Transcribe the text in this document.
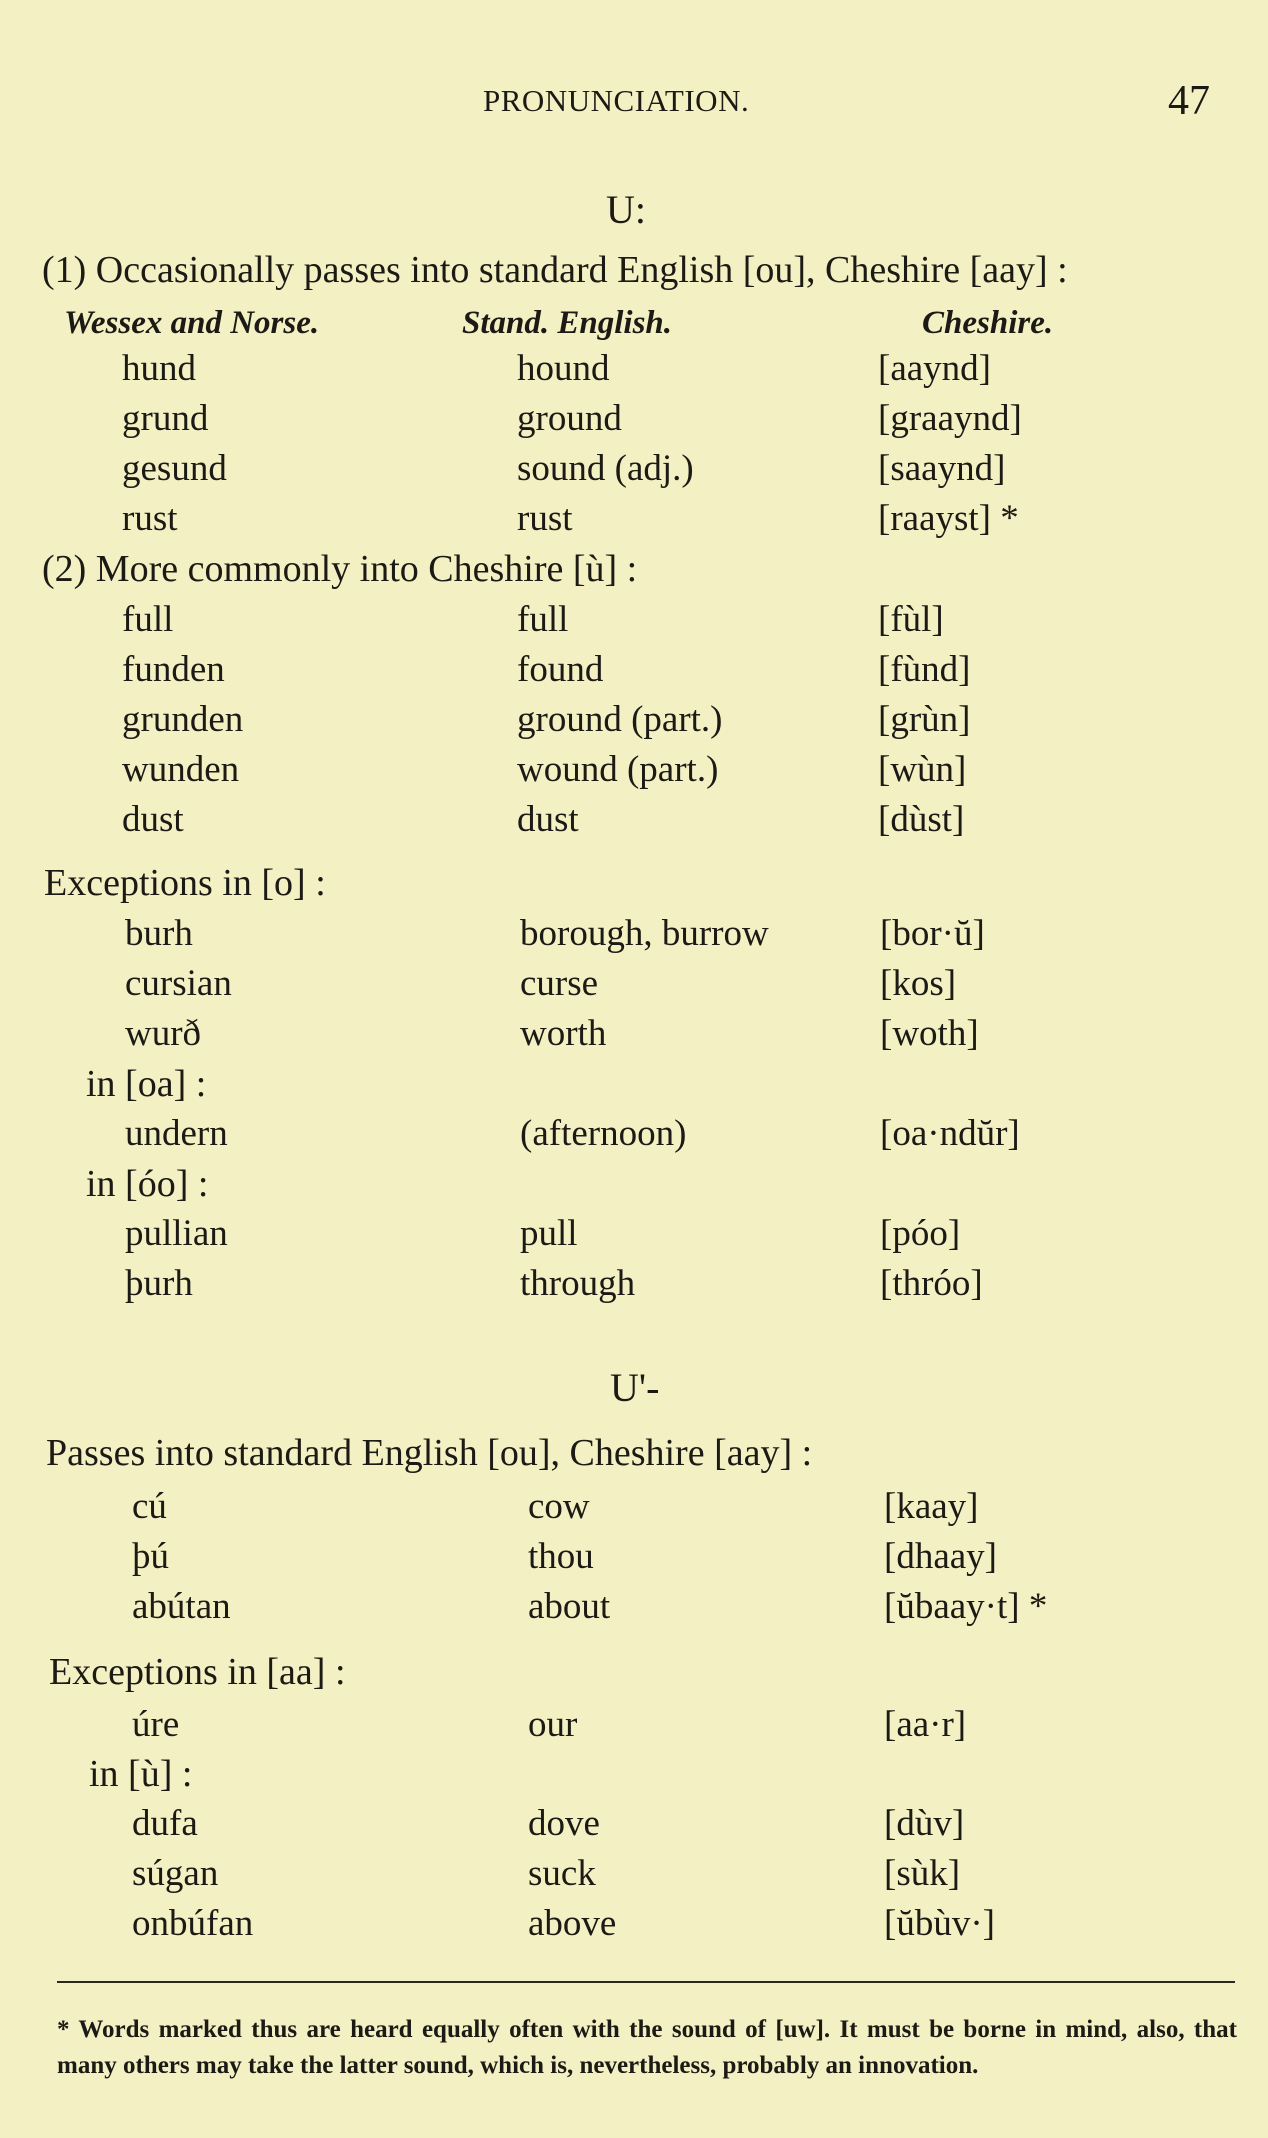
PRONUNCIATION.	47
U:
(1) Occasionally passes into standard English [ou], Cheshire [aay] :
Wessex and Norse.	Stand. English.	Cheshire.
hund	hound	[aaynd]
grund	ground	[graaynd]
gesund	sound (adj.)	[saaynd]
rust	rust	[raayst] *
(2) More commonly into Cheshire [ù] :
full	full	[fùl]
funden	found	[fùnd]
grunden	ground (part.)	[grùn]
wunden	wound (part.)	[wùn]
dust	dust	[dùst]
Exceptions in [o] :
burh	borough, burrow	[bor·ŭ]
cursian	curse	[kos]
wurð	worth	[woth]
in [oa] :
undern	(afternoon)	[oa·ndŭr]
in [óo] :
pullian	pull	[póo]
þurh	through	[thróo]
U'-
Passes into standard English [ou], Cheshire [aay] :
cú	cow	[kaay]
þú	thou	[dhaay]
abútan	about	[ŭbaay·t] *
Exceptions in [aa] :
úre	our	[aa·r]
in [ù] :
dufa	dove	[dùv]
súgan	suck	[sùk]
onbúfan	above	[ŭbùv·]

* Words marked thus are heard equally often with the sound of [uw]. It must be borne in mind, also, that many others may take the latter sound, which is, nevertheless, probably an innovation.
